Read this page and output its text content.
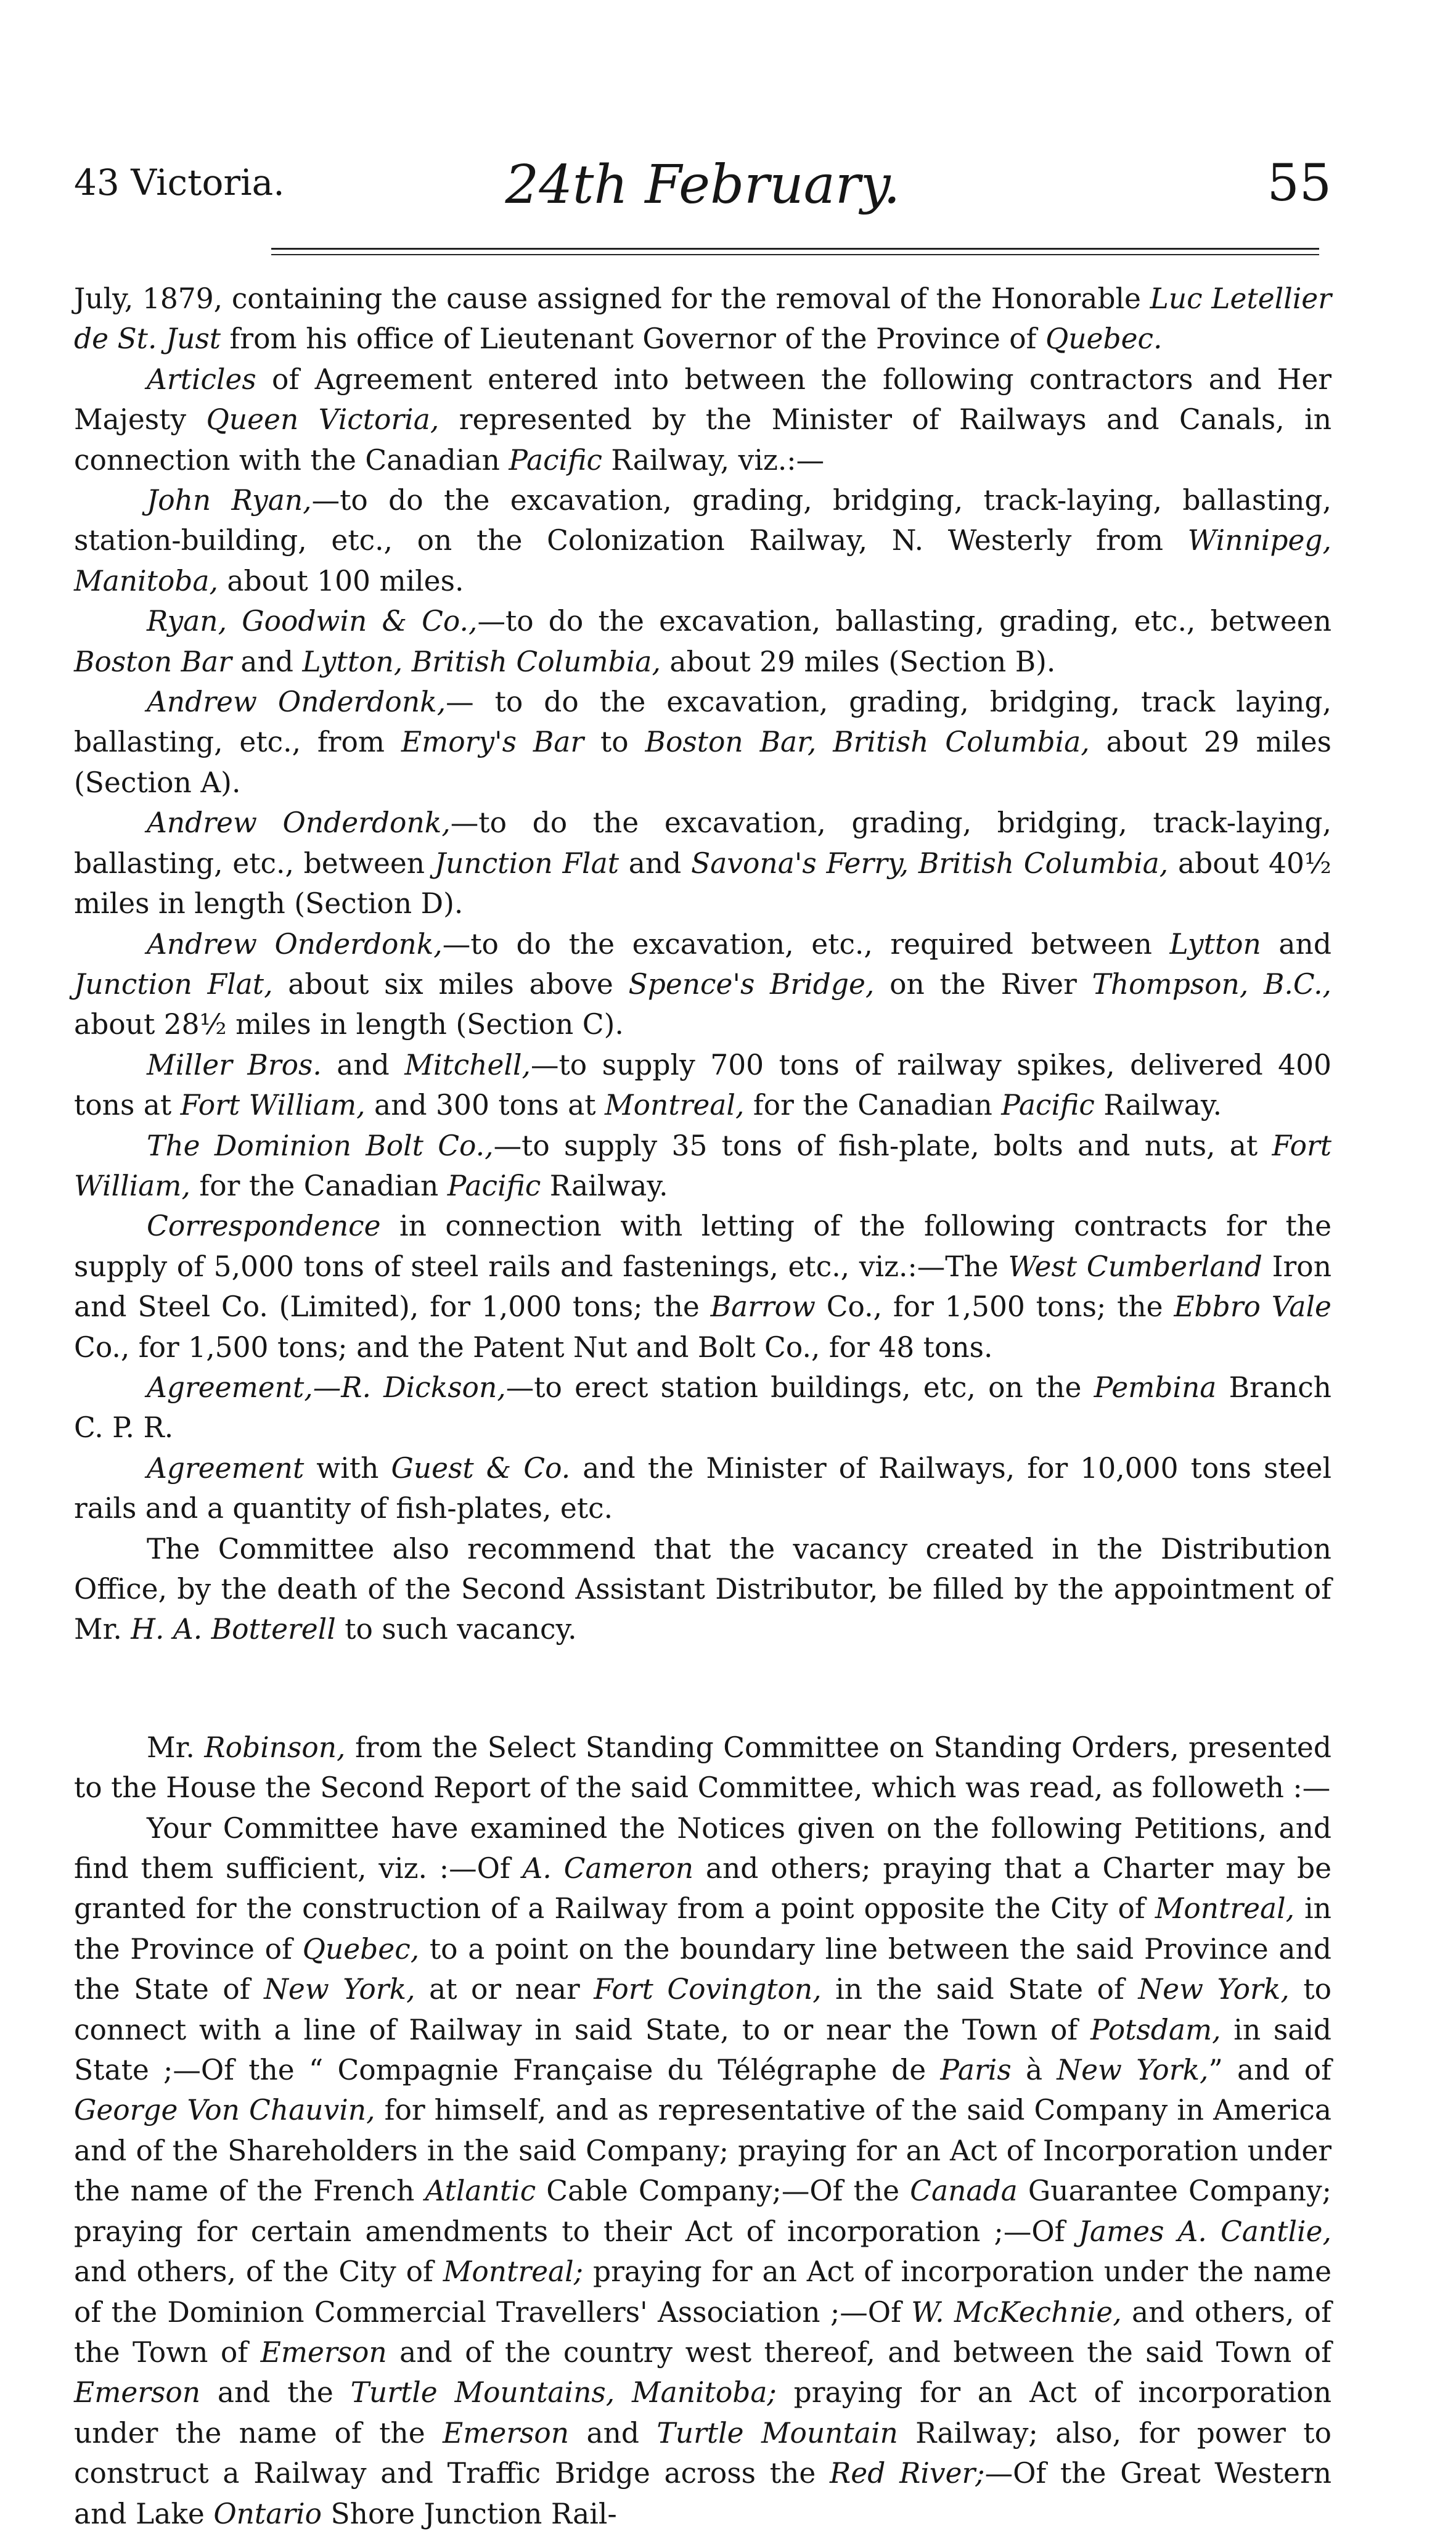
43 Victoria.	24th February.	55

July, 1879, containing the cause assigned for the removal of the Honorable Luc Letellier de St. Just from his office of Lieutenant Governor of the Province of Quebec.

Articles of Agreement entered into between the following contractors and Her Majesty Queen Victoria, represented by the Minister of Railways and Canals, in connection with the Canadian Pacific Railway, viz.:—

John Ryan,—to do the excavation, grading, bridging, track-laying, ballasting, station-building, etc., on the Colonization Railway, N. Westerly from Winnipeg, Manitoba, about 100 miles.

Ryan, Goodwin & Co.,—to do the excavation, ballasting, grading, etc., between Boston Bar and Lytton, British Columbia, about 29 miles (Section B).

Andrew Onderdonk,— to do the excavation, grading, bridging, track laying, ballasting, etc., from Emory's Bar to Boston Bar, British Columbia, about 29 miles (Section A).

Andrew Onderdonk,—to do the excavation, grading, bridging, track-laying, ballasting, etc., between Junction Flat and Savona's Ferry, British Columbia, about 40½ miles in length (Section D).

Andrew Onderdonk,—to do the excavation, etc., required between Lytton and Junction Flat, about six miles above Spence's Bridge, on the River Thompson, B.C., about 28½ miles in length (Section C).

Miller Bros. and Mitchell,—to supply 700 tons of railway spikes, delivered 400 tons at Fort William, and 300 tons at Montreal, for the Canadian Pacific Railway.

The Dominion Bolt Co.,—to supply 35 tons of fish-plate, bolts and nuts, at Fort William, for the Canadian Pacific Railway.

Correspondence in connection with letting of the following contracts for the supply of 5,000 tons of steel rails and fastenings, etc., viz.:—The West Cumberland Iron and Steel Co. (Limited), for 1,000 tons; the Barrow Co., for 1,500 tons; the Ebbro Vale Co., for 1,500 tons; and the Patent Nut and Bolt Co., for 48 tons.

Agreement,—R. Dickson,—to erect station buildings, etc, on the Pembina Branch C. P. R.

Agreement with Guest & Co. and the Minister of Railways, for 10,000 tons steel rails and a quantity of fish-plates, etc.

The Committee also recommend that the vacancy created in the Distribution Office, by the death of the Second Assistant Distributor, be filled by the appointment of Mr. H. A. Botterell to such vacancy.

Mr. Robinson, from the Select Standing Committee on Standing Orders, presented to the House the Second Report of the said Committee, which was read, as followeth :—

Your Committee have examined the Notices given on the following Petitions, and find them sufficient, viz. :—Of A. Cameron and others; praying that a Charter may be granted for the construction of a Railway from a point opposite the City of Montreal, in the Province of Quebec, to a point on the boundary line between the said Province and the State of New York, at or near Fort Covington, in the said State of New York, to connect with a line of Railway in said State, to or near the Town of Potsdam, in said State ;—Of the “ Compagnie Française du Télégraphe de Paris à New York,” and of George Von Chauvin, for himself, and as representative of the said Company in America and of the Shareholders in the said Company; praying for an Act of Incorporation under the name of the French Atlantic Cable Company;—Of the Canada Guarantee Company; praying for certain amendments to their Act of incorporation ;—Of James A. Cantlie, and others, of the City of Montreal; praying for an Act of incorporation under the name of the Dominion Commercial Travellers' Association ;—Of W. McKechnie, and others, of the Town of Emerson and of the country west thereof, and between the said Town of Emerson and the Turtle Mountains, Manitoba; praying for an Act of incorporation under the name of the Emerson and Turtle Mountain Railway; also, for power to construct a Railway and Traffic Bridge across the Red River;—Of the Great Western and Lake Ontario Shore Junction Rail-
